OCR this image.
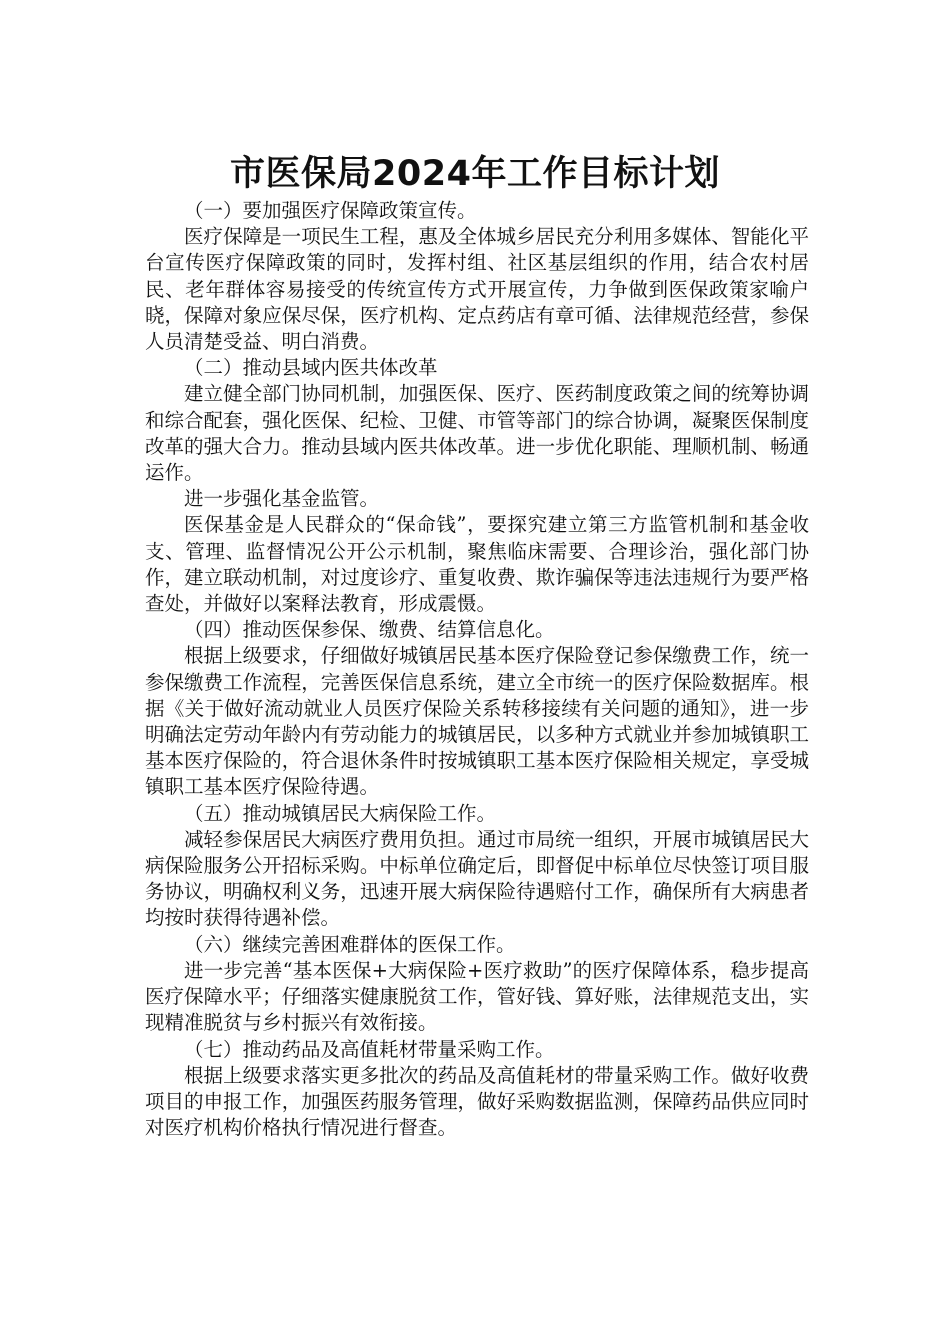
市医保局2024年工作目标计划

（一）要加强医疗保障政策宣传。

医疗保障是一项民生工程，惠及全体城乡居民充分利用多媒体、智能化平台宣传医疗保障政策的同时，发挥村组、社区基层组织的作用，结合农村居民、老年群体容易接受的传统宣传方式开展宣传，力争做到医保政策家喻户晓，保障对象应保尽保，医疗机构、定点药店有章可循、法律规范经营，参保人员清楚受益、明白消费。

（二）推动县域内医共体改革

建立健全部门协同机制，加强医保、医疗、医药制度政策之间的统筹协调和综合配套，强化医保、纪检、卫健、市管等部门的综合协调，凝聚医保制度改革的强大合力。推动县域内医共体改革。进一步优化职能、理顺机制、畅通运作。

进一步强化基金监管。

医保基金是人民群众的“保命钱”，要探究建立第三方监管机制和基金收支、管理、监督情况公开公示机制，聚焦临床需要、合理诊治，强化部门协作，建立联动机制，对过度诊疗、重复收费、欺诈骗保等违法违规行为要严格查处，并做好以案释法教育，形成震慑。

（四）推动医保参保、缴费、结算信息化。

根据上级要求，仔细做好城镇居民基本医疗保险登记参保缴费工作，统一参保缴费工作流程，完善医保信息系统，建立全市统一的医疗保险数据库。根据《关于做好流动就业人员医疗保险关系转移接续有关问题的通知》，进一步明确法定劳动年龄内有劳动能力的城镇居民，以多种方式就业并参加城镇职工基本医疗保险的，符合退休条件时按城镇职工基本医疗保险相关规定，享受城镇职工基本医疗保险待遇。

（五）推动城镇居民大病保险工作。

减轻参保居民大病医疗费用负担。通过市局统一组织，开展市城镇居民大病保险服务公开招标采购。中标单位确定后，即督促中标单位尽快签订项目服务协议，明确权利义务，迅速开展大病保险待遇赔付工作，确保所有大病患者均按时获得待遇补偿。

（六）继续完善困难群体的医保工作。

进一步完善“基本医保+大病保险+医疗救助”的医疗保障体系，稳步提高医疗保障水平；仔细落实健康脱贫工作，管好钱、算好账，法律规范支出，实现精准脱贫与乡村振兴有效衔接。

（七）推动药品及高值耗材带量采购工作。

根据上级要求落实更多批次的药品及高值耗材的带量采购工作。做好收费项目的申报工作，加强医药服务管理，做好采购数据监测，保障药品供应同时对医疗机构价格执行情况进行督查。
